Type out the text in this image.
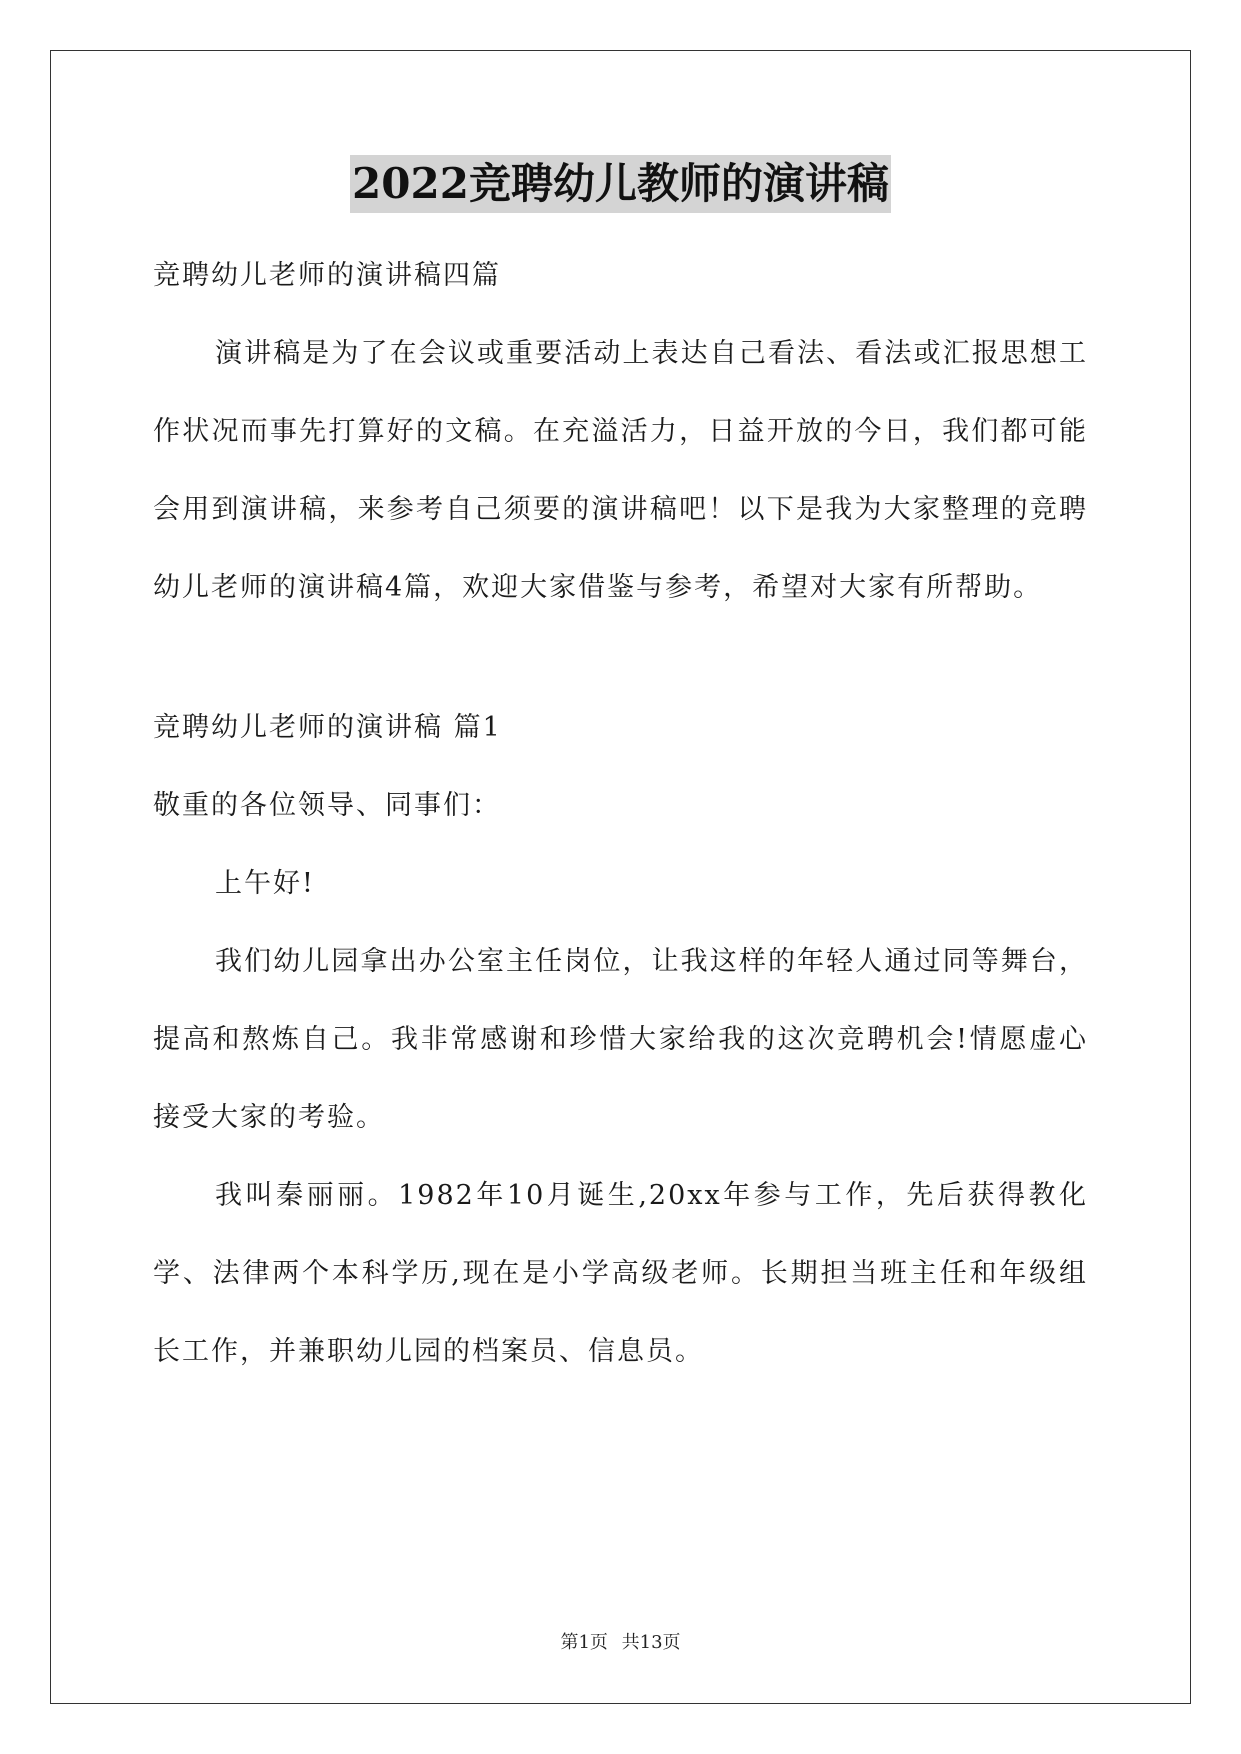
2022竞聘幼儿教师的演讲稿

竞聘幼儿老师的演讲稿四篇

演讲稿是为了在会议或重要活动上表达自己看法、看法或汇报思想工作状况而事先打算好的文稿。在充溢活力，日益开放的今日，我们都可能会用到演讲稿，来参考自己须要的演讲稿吧！以下是我为大家整理的竞聘幼儿老师的演讲稿4篇，欢迎大家借鉴与参考，希望对大家有所帮助。

竞聘幼儿老师的演讲稿 篇1

敬重的各位领导、同事们：

上午好!

我们幼儿园拿出办公室主任岗位，让我这样的年轻人通过同等舞台，提高和熬炼自己。我非常感谢和珍惜大家给我的这次竞聘机会!情愿虚心接受大家的考验。

我叫秦丽丽。1982年10月诞生,20xx年参与工作，先后获得教化学、法律两个本科学历,现在是小学高级老师。长期担当班主任和年级组长工作，并兼职幼儿园的档案员、信息员。

第1页 共13页
